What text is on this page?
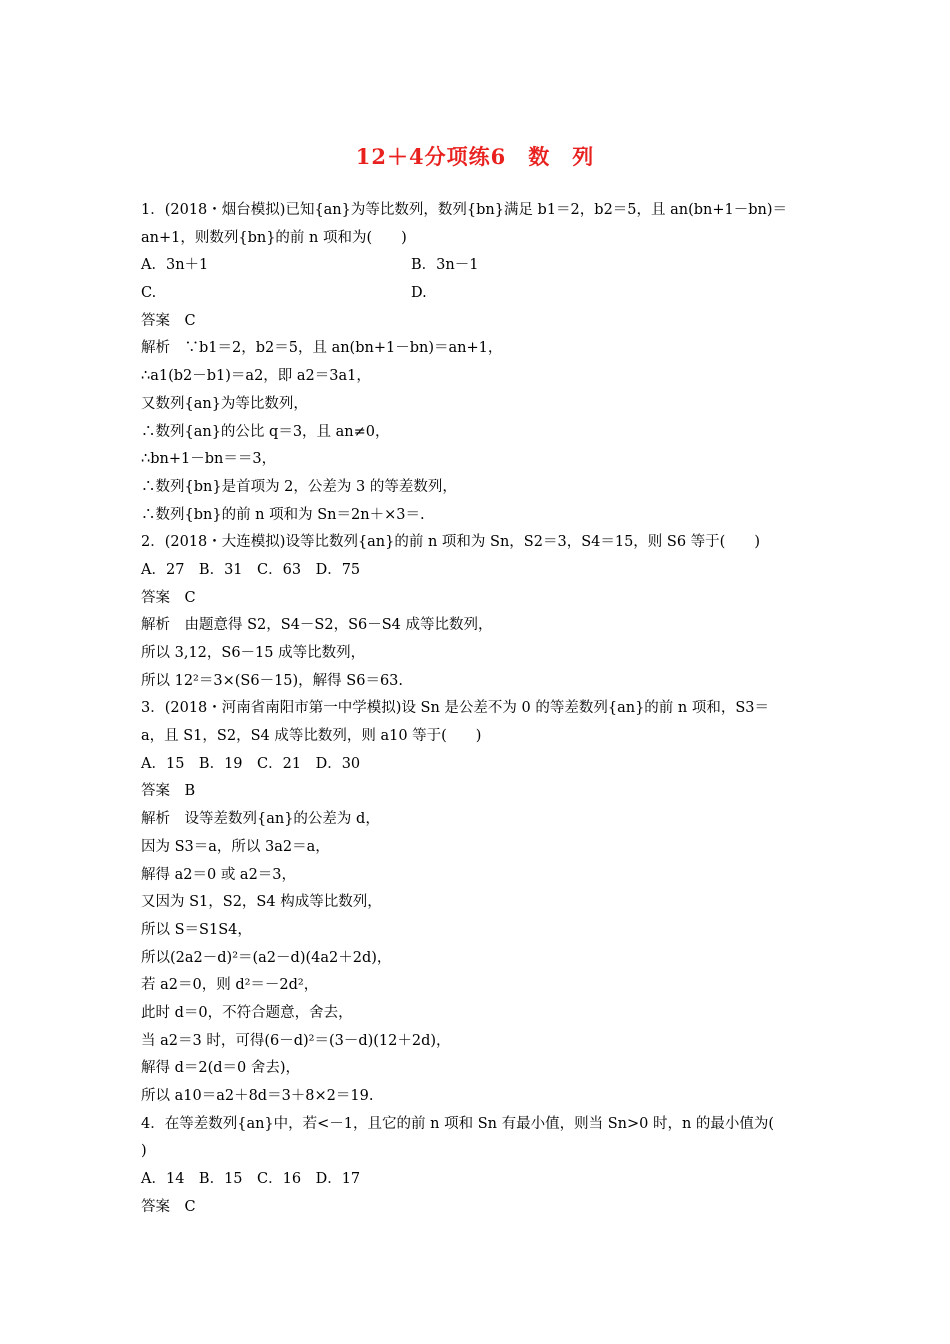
12＋4分项练6　数　列
1．(2018・烟台模拟)已知{an}为等比数列，数列{bn}满足 b1＝2，b2＝5，且 an(bn+1－bn)＝
an+1，则数列{bn}的前 n 项和为(　　)
A．3n＋1	B．3n－1
C.	D.
答案　C
解析　∵b1＝2，b2＝5，且 an(bn+1－bn)＝an+1，
∴a1(b2－b1)＝a2，即 a2＝3a1，
又数列{an}为等比数列，
∴数列{an}的公比 q＝3，且 an≠0，
∴bn+1－bn＝＝3，
∴数列{bn}是首项为 2，公差为 3 的等差数列，
∴数列{bn}的前 n 项和为 Sn＝2n＋×3＝.
2．(2018・大连模拟)设等比数列{an}的前 n 项和为 Sn，S2＝3，S4＝15，则 S6 等于(　　)
A．27　B．31　C．63　D．75
答案　C
解析　由题意得 S2，S4－S2，S6－S4 成等比数列，
所以 3,12，S6－15 成等比数列，
所以 12²＝3×(S6－15)，解得 S6＝63.
3．(2018・河南省南阳市第一中学模拟)设 Sn 是公差不为 0 的等差数列{an}的前 n 项和，S3＝
a，且 S1，S2，S4 成等比数列，则 a10 等于(　　)
A．15　B．19　C．21　D．30
答案　B
解析　设等差数列{an}的公差为 d，
因为 S3＝a，所以 3a2＝a，
解得 a2＝0 或 a2＝3，
又因为 S1，S2，S4 构成等比数列，
所以 S＝S1S4，
所以(2a2－d)²＝(a2－d)(4a2＋2d)，
若 a2＝0，则 d²＝－2d²，
此时 d＝0，不符合题意，舍去，
当 a2＝3 时，可得(6－d)²＝(3－d)(12＋2d)，
解得 d＝2(d＝0 舍去)，
所以 a10＝a2＋8d＝3＋8×2＝19.
4．在等差数列{an}中，若<－1，且它的前 n 项和 Sn 有最小值，则当 Sn>0 时，n 的最小值为(
)
A．14　B．15　C．16　D．17
答案　C
